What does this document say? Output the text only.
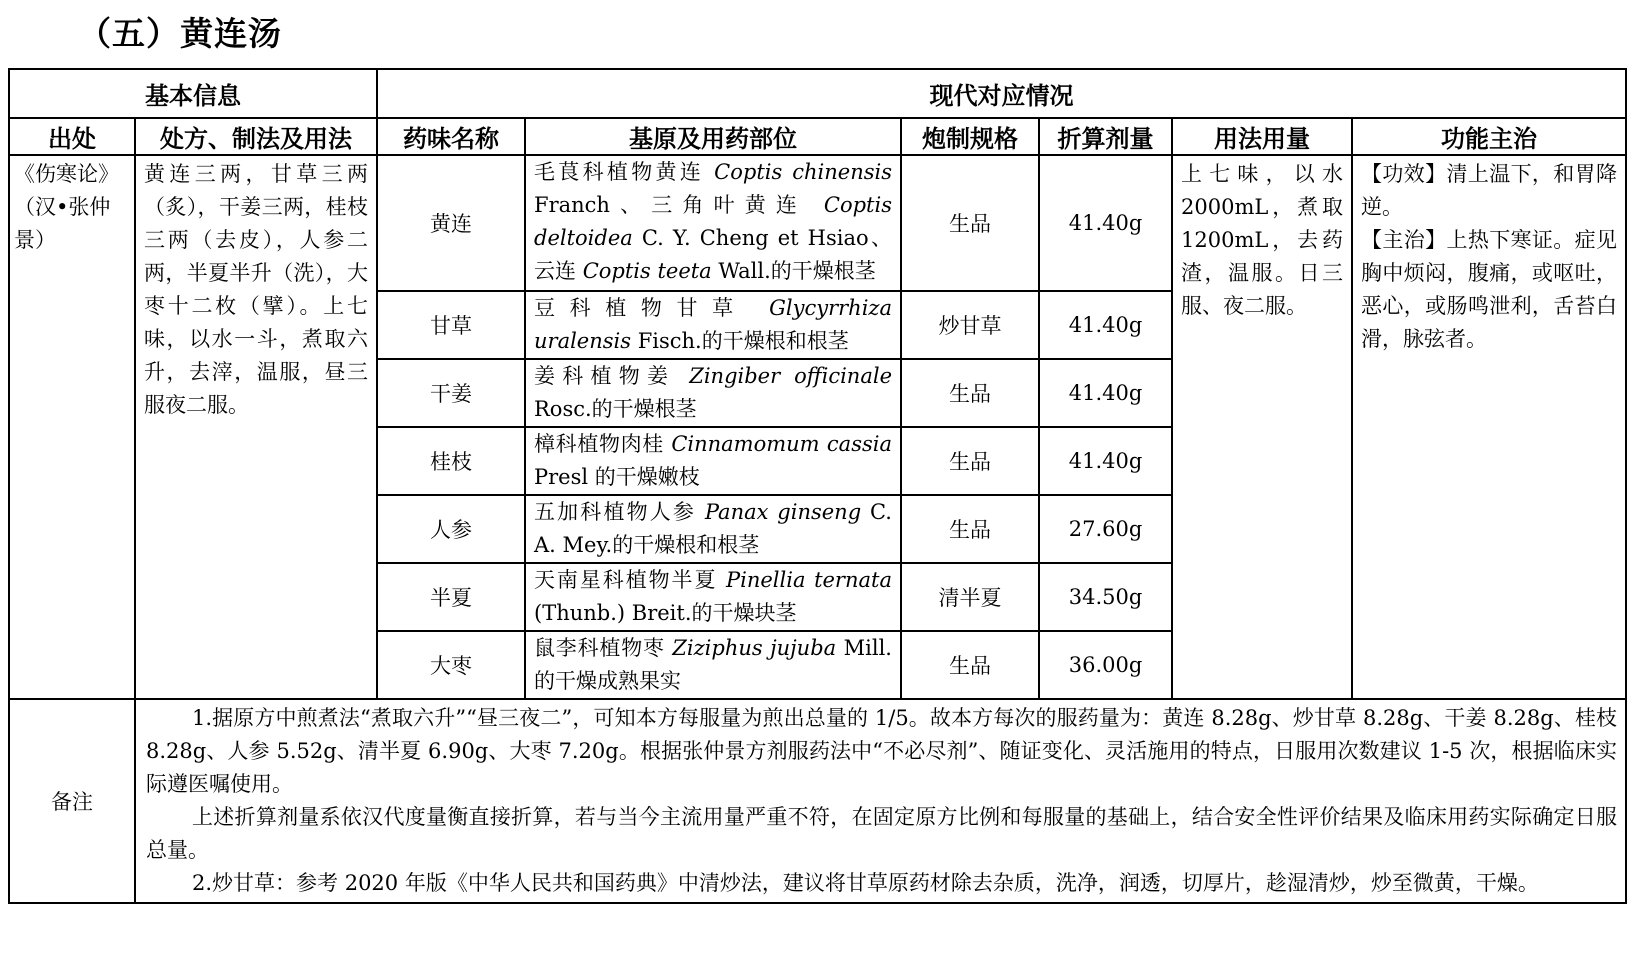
（五）黄连汤
基本信息		现代对应情况					
出处	处方、制法及用法	药味名称	基原及用药部位	炮制规格	折算剂量	用法用量	功能主治
《伤寒论》（汉•张仲景）	黄连三两，甘草三两（炙），干姜三两，桂枝三两（去皮），人参二两，半夏半升（洗），大枣十二枚（擘）。上七味，以水一斗，煮取六升，去滓，温服，昼三服夜二服。	黄连	毛茛科植物黄连 Coptis chinensis Franch、三角叶黄连 Coptis deltoidea C. Y. Cheng et Hsiao、云连 Coptis teeta Wall.的干燥根茎	生品	41.40g	上七味，以水2000mL，煮取1200mL，去药渣，温服。日三服、夜二服。	【功效】清上温下，和胃降逆。
【主治】上热下寒证。症见胸中烦闷，腹痛，或呕吐，恶心，或肠鸣泄利，舌苔白滑，脉弦者。
		甘草	豆科植物甘草 Glycyrrhiza uralensis Fisch.的干燥根和根茎	炒甘草	41.40g		
		干姜	姜科植物姜 Zingiber officinale Rosc.的干燥根茎	生品	41.40g		
		桂枝	樟科植物肉桂 Cinnamomum cassia Presl 的干燥嫩枝	生品	41.40g		
		人参	五加科植物人参 Panax ginseng C. A. Mey.的干燥根和根茎	生品	27.60g		
		半夏	天南星科植物半夏 Pinellia ternata (Thunb.) Breit.的干燥块茎	清半夏	34.50g		
		大枣	鼠李科植物枣 Ziziphus jujuba Mill.的干燥成熟果实	生品	36.00g		
备注	1.据原方中煎煮法“煮取六升”“昼三夜二”，可知本方每服量为煎出总量的 1/5。故本方每次的服药量为：黄连 8.28g、炒甘草 8.28g、干姜 8.28g、桂枝 8.28g、人参 5.52g、清半夏 6.90g、大枣 7.20g。根据张仲景方剂服药法中“不必尽剂”、随证变化、灵活施用的特点，日服用次数建议 1-5 次，根据临床实际遵医嘱使用。

上述折算剂量系依汉代度量衡直接折算，若与当今主流用量严重不符，在固定原方比例和每服量的基础上，结合安全性评价结果及临床用药实际确定日服总量。

2.炒甘草：参考 2020 年版《中华人民共和国药典》中清炒法，建议将甘草原药材除去杂质，洗净，润透，切厚片，趁湿清炒，炒至微黄，干燥。						
